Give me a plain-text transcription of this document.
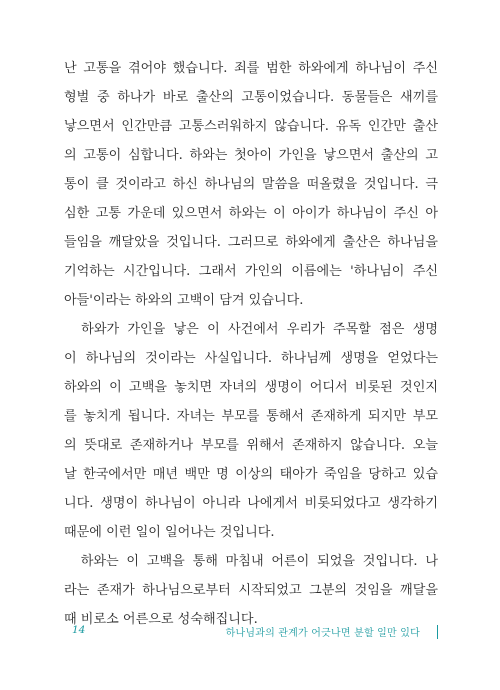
난 고통을 겪어야 했습니다. 죄를 범한 하와에게 하나님이 주신
형벌 중 하나가 바로 출산의 고통이었습니다. 동물들은 새끼를
낳으면서 인간만큼 고통스러워하지 않습니다. 유독 인간만 출산
의 고통이 심합니다. 하와는 첫아이 가인을 낳으면서 출산의 고
통이 클 것이라고 하신 하나님의 말씀을 떠올렸을 것입니다. 극
심한 고통 가운데 있으면서 하와는 이 아이가 하나님이 주신 아
들임을 깨달았을 것입니다. 그러므로 하와에게 출산은 하나님을
기억하는 시간입니다. 그래서 가인의 이름에는 '하나님이 주신
아들'이라는 하와의 고백이 담겨 있습니다.
　하와가 가인을 낳은 이 사건에서 우리가 주목할 점은 생명
이 하나님의 것이라는 사실입니다. 하나님께 생명을 얻었다는
하와의 이 고백을 놓치면 자녀의 생명이 어디서 비롯된 것인지
를 놓치게 됩니다. 자녀는 부모를 통해서 존재하게 되지만 부모
의 뜻대로 존재하거나 부모를 위해서 존재하지 않습니다. 오늘
날 한국에서만 매년 백만 명 이상의 태아가 죽임을 당하고 있습
니다. 생명이 하나님이 아니라 나에게서 비롯되었다고 생각하기
때문에 이런 일이 일어나는 것입니다.
　하와는 이 고백을 통해 마침내 어른이 되었을 것입니다. 나
라는 존재가 하나님으로부터 시작되었고 그분의 것임을 깨달을
때 비로소 어른으로 성숙해집니다.
14	하나님과의 관계가 어긋나면 분할 일만 있다
